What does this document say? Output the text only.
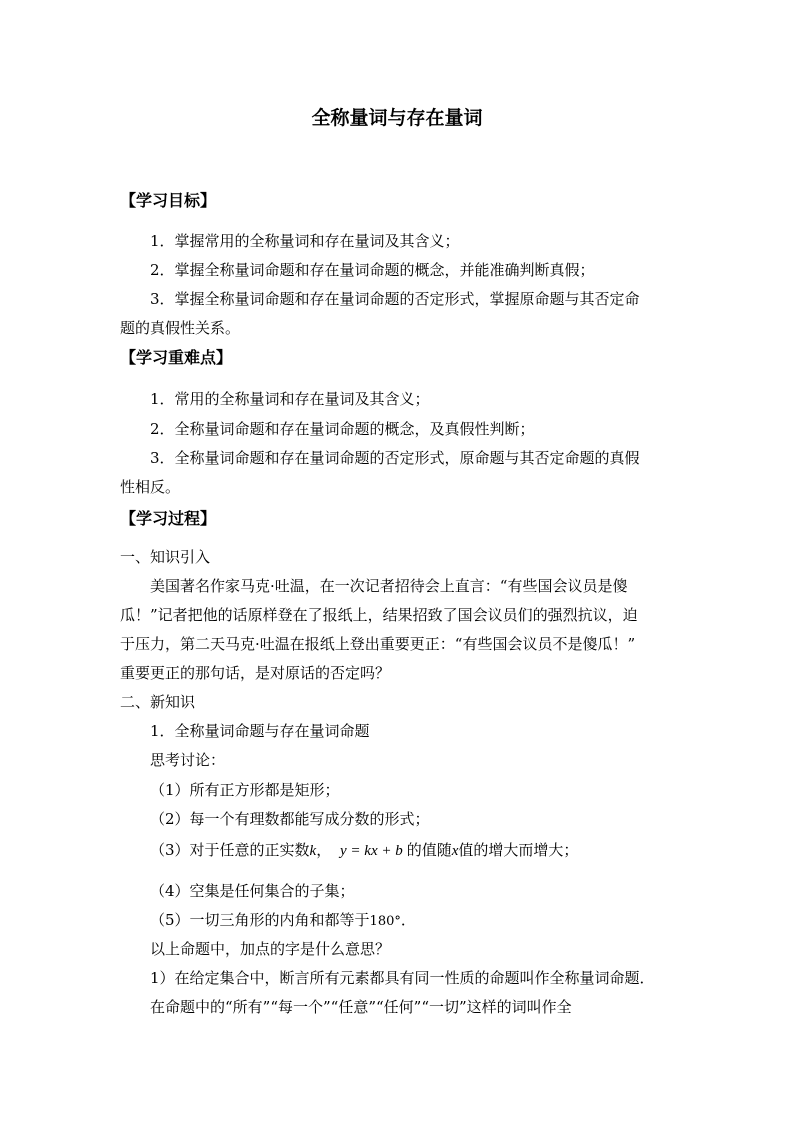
全称量词与存在量词
【学习目标】
1．掌握常用的全称量词和存在量词及其含义；
2．掌握全称量词命题和存在量词命题的概念，并能准确判断真假；
3．掌握全称量词命题和存在量词命题的否定形式，掌握原命题与其否定命
题的真假性关系。
【学习重难点】
1．常用的全称量词和存在量词及其含义；
2．全称量词命题和存在量词命题的概念，及真假性判断；
3．全称量词命题和存在量词命题的否定形式，原命题与其否定命题的真假
性相反。
【学习过程】
一、知识引入
美国著名作家马克·吐温，在一次记者招待会上直言：“有些国会议员是傻
瓜！”记者把他的话原样登在了报纸上，结果招致了国会议员们的强烈抗议，迫
于压力，第二天马克·吐温在报纸上登出重要更正：“有些国会议员不是傻瓜！”
重要更正的那句话，是对原话的否定吗？
二、新知识
1．全称量词命题与存在量词命题
思考讨论：
（1）所有正方形都是矩形；
（2）每一个有理数都能写成分数的形式；
（3）对于任意的正实数k， y = kx + b 的值随x值的增大而增大；
（4）空集是任何集合的子集；
（5）一切三角形的内角和都等于180°．
以上命题中，加点的字是什么意思？
1）在给定集合中，断言所有元素都具有同一性质的命题叫作全称量词命题．
在命题中的“所有”“每一个”“任意”“任何”“一切”这样的词叫作全
